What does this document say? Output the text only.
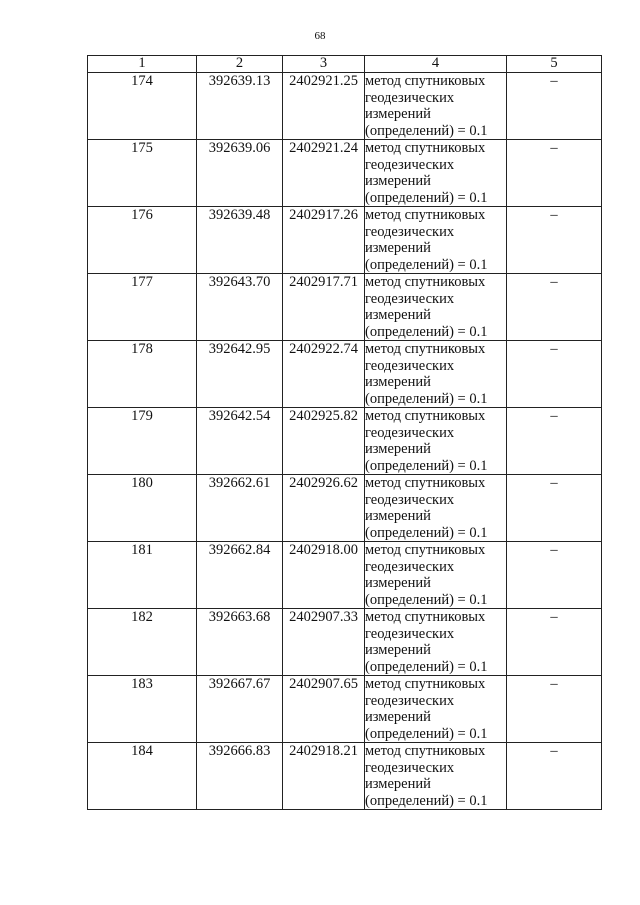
68
1	2	3	4	5
174	392639.13	2402921.25	метод спутниковых
геодезических
измерений
(определений) = 0.1	–
175	392639.06	2402921.24	метод спутниковых
геодезических
измерений
(определений) = 0.1	–
176	392639.48	2402917.26	метод спутниковых
геодезических
измерений
(определений) = 0.1	–
177	392643.70	2402917.71	метод спутниковых
геодезических
измерений
(определений) = 0.1	–
178	392642.95	2402922.74	метод спутниковых
геодезических
измерений
(определений) = 0.1	–
179	392642.54	2402925.82	метод спутниковых
геодезических
измерений
(определений) = 0.1	–
180	392662.61	2402926.62	метод спутниковых
геодезических
измерений
(определений) = 0.1	–
181	392662.84	2402918.00	метод спутниковых
геодезических
измерений
(определений) = 0.1	–
182	392663.68	2402907.33	метод спутниковых
геодезических
измерений
(определений) = 0.1	–
183	392667.67	2402907.65	метод спутниковых
геодезических
измерений
(определений) = 0.1	–
184	392666.83	2402918.21	метод спутниковых
геодезических
измерений
(определений) = 0.1	–
